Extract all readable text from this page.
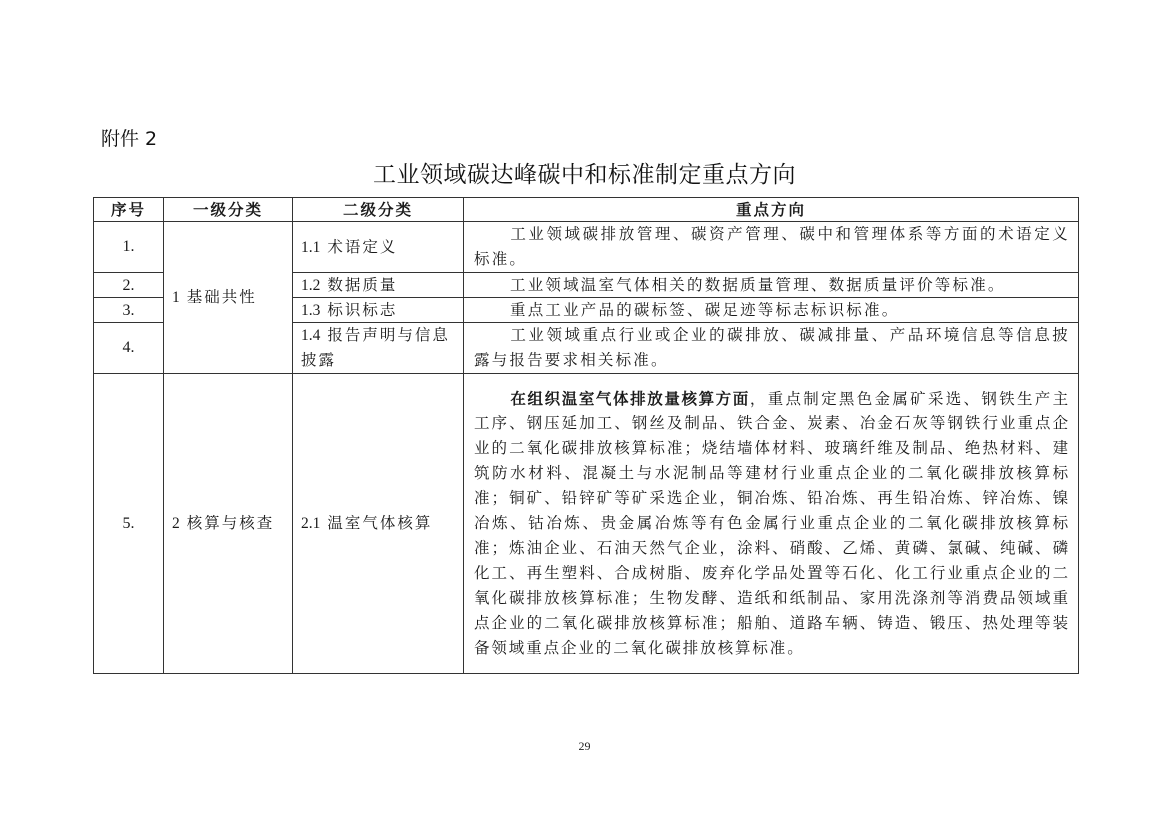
附件 2
工业领域碳达峰碳中和标准制定重点方向
序号	一级分类	二级分类	重点方向
1.	1 基础共性	1.1 术语定义	工业领域碳排放管理、碳资产管理、碳中和管理体系等方面的术语定义标准。
2.		1.2 数据质量	工业领域温室气体相关的数据质量管理、数据质量评价等标准。
3.		1.3 标识标志	重点工业产品的碳标签、碳足迹等标志标识标准。
4.		1.4 报告声明与信息披露	工业领域重点行业或企业的碳排放、碳减排量、产品环境信息等信息披露与报告要求相关标准。
5.	2 核算与核查	2.1 温室气体核算	在组织温室气体排放量核算方面，重点制定黑色金属矿采选、钢铁生产主工序、钢压延加工、钢丝及制品、铁合金、炭素、冶金石灰等钢铁行业重点企业的二氧化碳排放核算标准；烧结墙体材料、玻璃纤维及制品、绝热材料、建筑防水材料、混凝土与水泥制品等建材行业重点企业的二氧化碳排放核算标准；铜矿、铅锌矿等矿采选企业，铜冶炼、铅冶炼、再生铅冶炼、锌冶炼、镍冶炼、钴冶炼、贵金属冶炼等有色金属行业重点企业的二氧化碳排放核算标准；炼油企业、石油天然气企业，涂料、硝酸、乙烯、黄磷、氯碱、纯碱、磷化工、再生塑料、合成树脂、废弃化学品处置等石化、化工行业重点企业的二氧化碳排放核算标准；生物发酵、造纸和纸制品、家用洗涤剂等消费品领域重点企业的二氧化碳排放核算标准；船舶、道路车辆、铸造、锻压、热处理等装备领域重点企业的二氧化碳排放核算标准。
29
